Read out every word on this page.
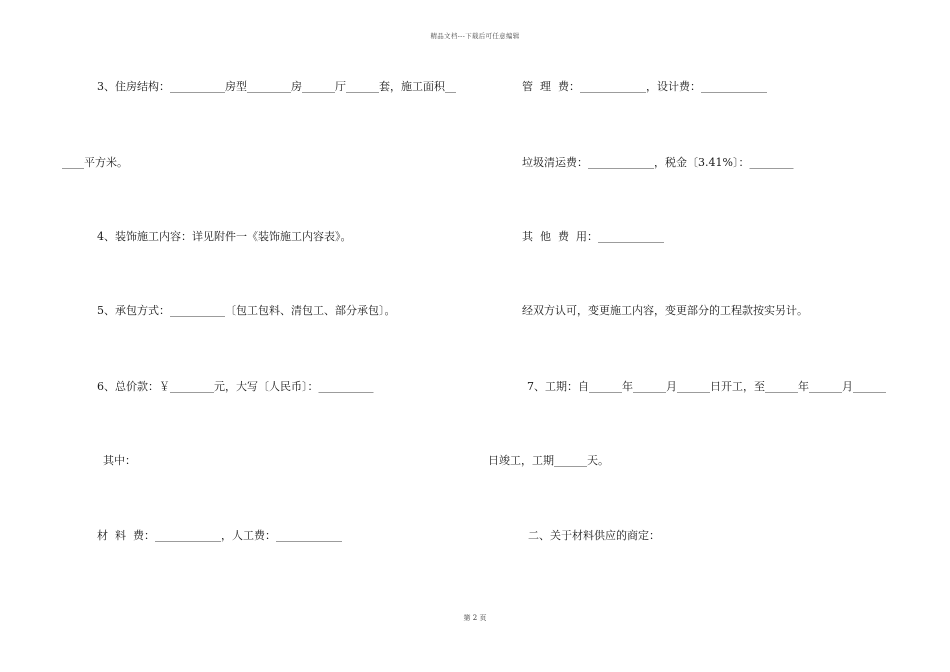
精品文档---下载后可任意编辑
3、住房结构：__________房型________房______厅______套，施工面积__
____平方米。
4、装饰施工内容：详见附件一《装饰施工内容表》。
5、承包方式：__________〔包工包料、清包工、部分承包〕。
6、总价款：￥________元，大写〔人民币〕：__________
其中：
材  料  费：____________，人工费：____________
管  理  费：____________，设计费：____________
垃圾清运费：____________，税金〔3.41%〕：________
其  他  费  用：____________
经双方认可，变更施工内容，变更部分的工程款按实另计。
7、工期：自______年______月______日开工，至______年______月______
日竣工，工期______天。
二、关于材料供应的商定：
第 2 页
